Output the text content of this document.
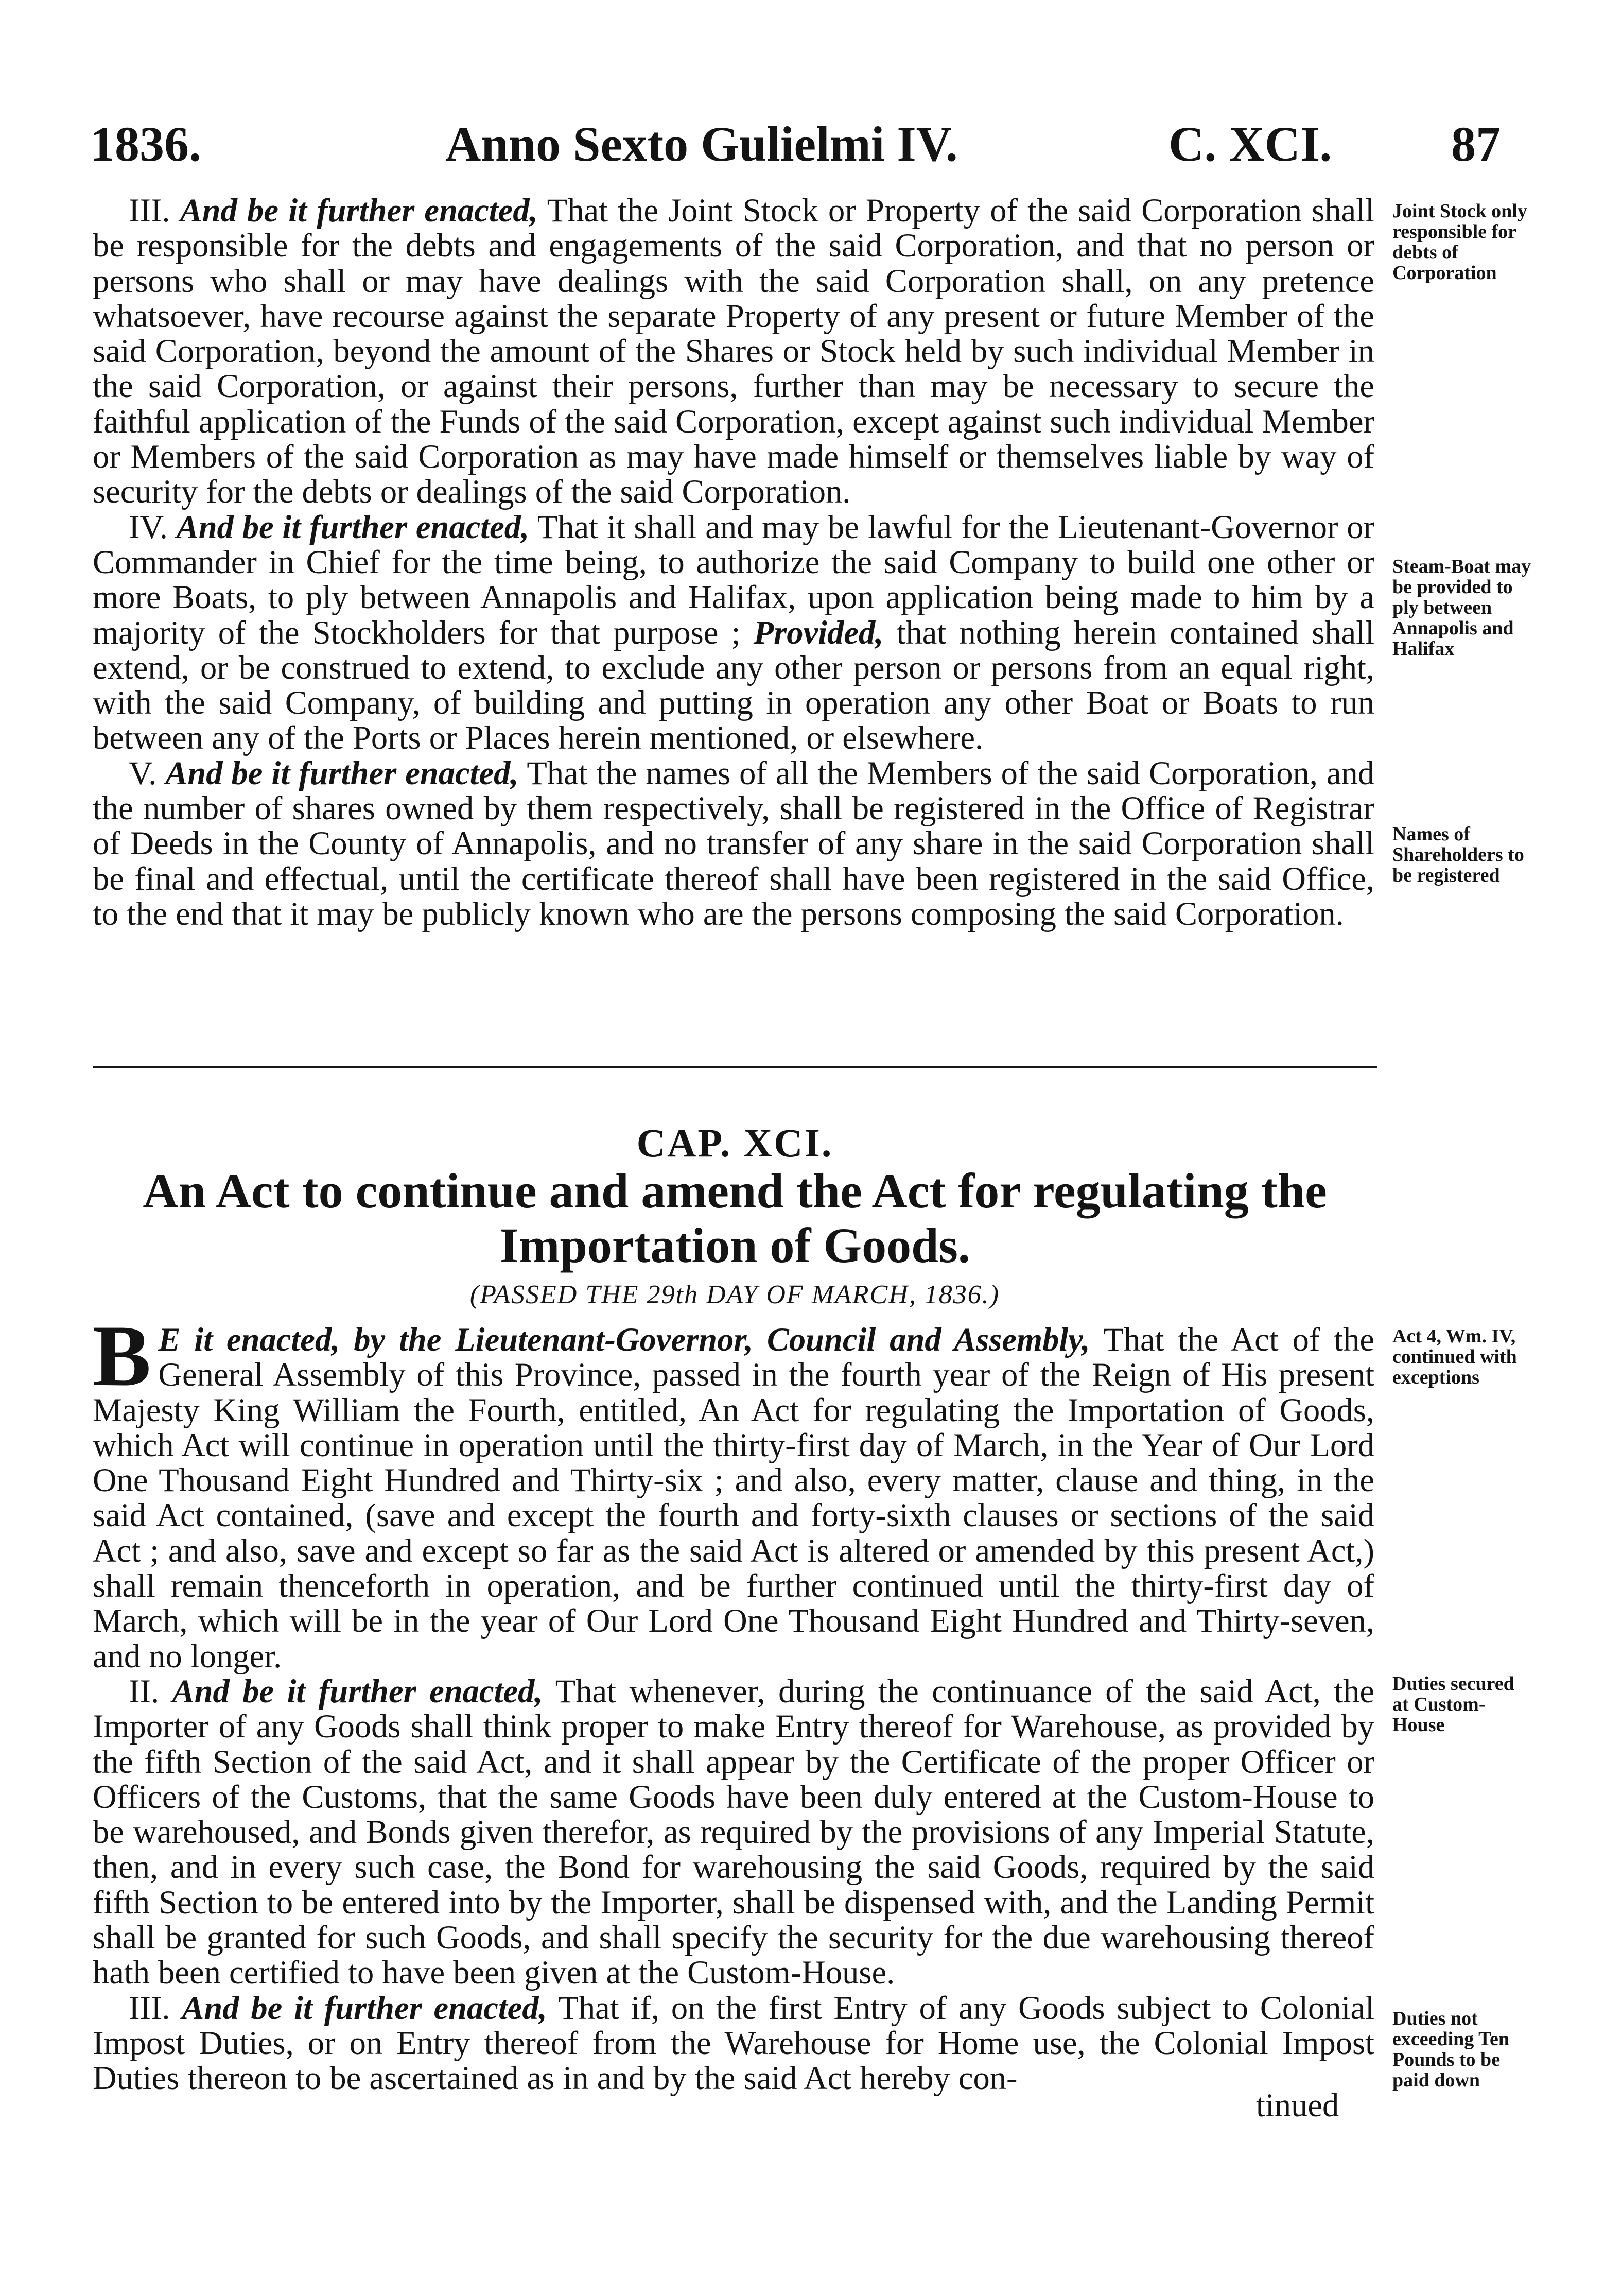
1836.	Anno Sexto Gulielmi IV.	C. XCI. 87

III. And be it further enacted, That the Joint Stock or Property of the said Corporation shall be responsible for the debts and engagements of the said Corporation, and that no person or persons who shall or may have dealings with the said Corporation shall, on any pretence whatsoever, have recourse against the separate Property of any present or future Member of the said Corporation, beyond the amount of the Shares or Stock held by such individual Member in the said Corporation, or against their persons, further than may be necessary to secure the faithful application of the Funds of the said Corporation, except against such individual Member or Members of the said Corporation as may have made himself or themselves liable by way of security for the debts or dealings of the said Corporation.

IV. And be it further enacted, That it shall and may be lawful for the Lieutenant-Governor or Commander in Chief for the time being, to authorize the said Company to build one other or more Boats, to ply between Annapolis and Halifax, upon application being made to him by a majority of the Stockholders for that purpose ; Provided, that nothing herein contained shall extend, or be construed to extend, to exclude any other person or persons from an equal right, with the said Company, of building and putting in operation any other Boat or Boats to run between any of the Ports or Places herein mentioned, or elsewhere.

V. And be it further enacted, That the names of all the Members of the said Corporation, and the number of shares owned by them respectively, shall be registered in the Office of Registrar of Deeds in the County of Annapolis, and no transfer of any share in the said Corporation shall be final and effectual, until the certificate thereof shall have been registered in the said Office, to the end that it may be publicly known who are the persons composing the said Corporation.

Joint Stock only responsible for debts of Corporation
Steam-Boat may be provided to ply between Annapolis and Halifax
Names of Shareholders to be registered
CAP. XCI.
An Act to continue and amend the Act for regulating the Importation of Goods.
(PASSED THE 29th DAY OF MARCH, 1836.)

B E it enacted, by the Lieutenant-Governor, Council and Assembly, That the Act of the General Assembly of this Province, passed in the fourth year of the Reign of His present Majesty King William the Fourth, entitled, An Act for regulating the Importation of Goods, which Act will continue in operation until the thirty-first day of March, in the Year of Our Lord One Thousand Eight Hundred and Thirty-six ; and also, every matter, clause and thing, in the said Act contained, (save and except the fourth and forty-sixth clauses or sections of the said Act ; and also, save and except so far as the said Act is altered or amended by this present Act,) shall remain thenceforth in operation, and be further continued until the thirty-first day of March, which will be in the year of Our Lord One Thousand Eight Hundred and Thirty-seven, and no longer.

II. And be it further enacted, That whenever, during the continuance of the said Act, the Importer of any Goods shall think proper to make Entry thereof for Warehouse, as provided by the fifth Section of the said Act, and it shall appear by the Certificate of the proper Officer or Officers of the Customs, that the same Goods have been duly entered at the Custom-House to be warehoused, and Bonds given therefor, as required by the provisions of any Imperial Statute, then, and in every such case, the Bond for warehousing the said Goods, required by the said fifth Section to be entered into by the Importer, shall be dispensed with, and the Landing Permit shall be granted for such Goods, and shall specify the security for the due warehousing thereof hath been certified to have been given at the Custom-House.

III. And be it further enacted, That if, on the first Entry of any Goods subject to Colonial Impost Duties, or on Entry thereof from the Warehouse for Home use, the Colonial Impost Duties thereon to be ascertained as in and by the said Act hereby con-

Act 4, Wm. IV, continued with exceptions
Duties secured at Custom-House
Duties not exceeding Ten Pounds to be paid down
tinued
